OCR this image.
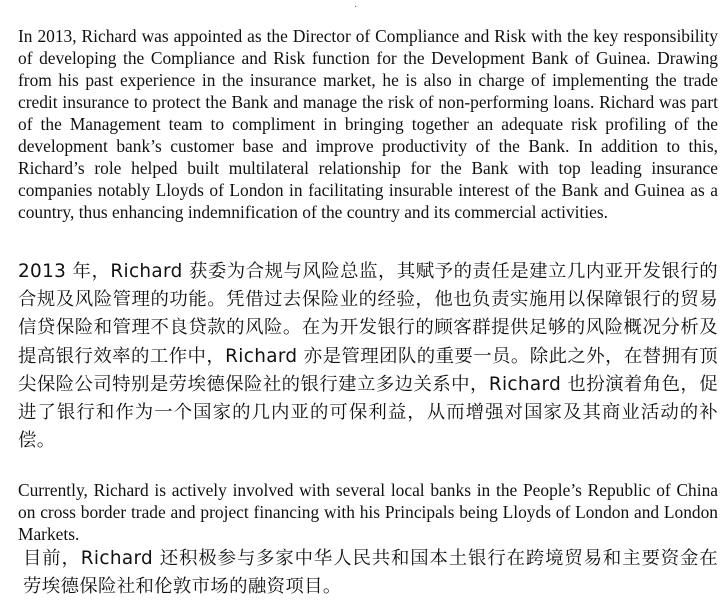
·

In 2013, Richard was appointed as the Director of Compliance and Risk with the key responsibility of developing the Compliance and Risk function for the Development Bank of Guinea. Drawing from his past experience in the insurance market, he is also in charge of implementing the trade credit insurance to protect the Bank and manage the risk of non-performing loans. Richard was part of the Management team to compliment in bringing together an adequate risk profiling of the development bank’s customer base and improve productivity of the Bank. In addition to this, Richard’s role helped built multilateral relationship for the Bank with top leading insurance companies notably Lloyds of London in facilitating insurable interest of the Bank and Guinea as a country, thus enhancing indemnification of the country and its commercial activities.

2013 年，Richard 获委为合规与风险总监，其赋予的责任是建立几内亚开发银行的合规及风险管理的功能。凭借过去保险业的经验，他也负责实施用以保障银行的贸易信贷保险和管理不良贷款的风险。在为开发银行的顾客群提供足够的风险概况分析及提高银行效率的工作中，Richard 亦是管理团队的重要一员。除此之外，在替拥有顶尖保险公司特别是劳埃德保险社的银行建立多边关系中，Richard 也扮演着角色，促进了银行和作为一个国家的几内亚的可保利益，从而增强对国家及其商业活动的补偿。

Currently, Richard is actively involved with several local banks in the People’s Republic of China on cross border trade and project financing with his Principals being Lloyds of London and London Markets.

目前，Richard 还积极参与多家中华人民共和国本土银行在跨境贸易和主要资金在劳埃德保险社和伦敦市场的融资项目。
